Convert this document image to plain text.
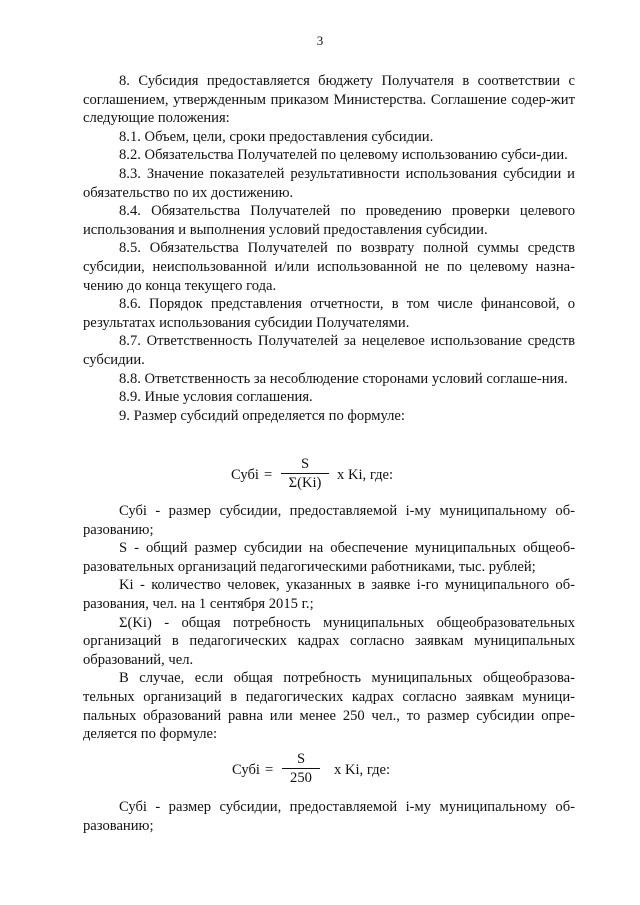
3

8. Субсидия предоставляется бюджету Получателя в соответствии с соглашением, утвержденным приказом Министерства. Соглашение содер-жит следующие положения:

8.1. Объем, цели, сроки предоставления субсидии.

8.2. Обязательства Получателей по целевому использованию субси-дии.

8.3. Значение показателей результативности использования субсидии и обязательство по их достижению.

8.4. Обязательства Получателей по проведению проверки целевого использования и выполнения условий предоставления субсидии.

8.5. Обязательства Получателей по возврату полной суммы средств субсидии, неиспользованной и/или использованной не по целевому назна-чению до конца текущего года.

8.6. Порядок представления отчетности, в том числе финансовой, о результатах использования субсидии Получателями.

8.7. Ответственность Получателей за нецелевое использование средств субсидии.

8.8. Ответственность за несоблюдение сторонами условий соглаше-ния.

8.9. Иные условия соглашения.

9. Размер субсидий определяется по формуле:

Субi =
S
Σ(Ki)	x Ki, где:

Субi - размер субсидии, предоставляемой i-му муниципальному об-разованию;

S - общий размер субсидии на обеспечение муниципальных общеоб-разовательных организаций педагогическими работниками, тыс. рублей;

Ki - количество человек, указанных в заявке i-го муниципального об-разования, чел. на 1 сентября 2015 г.;

Σ(Ki) - общая потребность муниципальных общеобразовательных организаций в педагогических кадрах согласно заявкам муниципальных образований, чел.

В случае, если общая потребность муниципальных общеобразова-тельных организаций в педагогических кадрах согласно заявкам муници-пальных образований равна или менее 250 чел., то размер субсидии опре-деляется по формуле:

Субi =
S
250	x Ki, где:

Субi - размер субсидии, предоставляемой i-му муниципальному об-разованию;
